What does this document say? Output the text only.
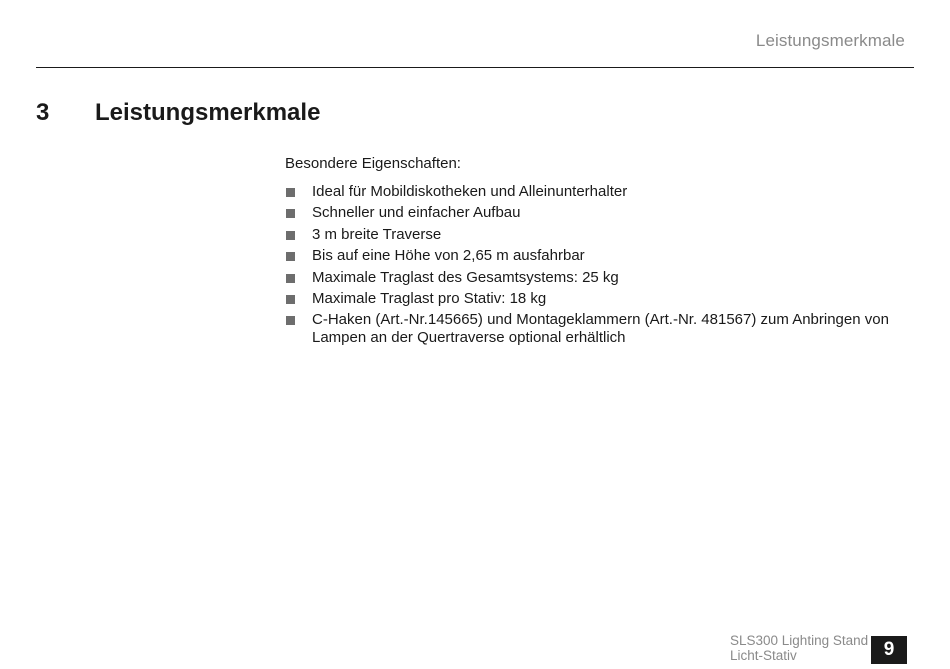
Leistungsmerkmale
3 Leistungsmerkmale

Besondere Eigenschaften:

Ideal für Mobildiskotheken und Alleinunterhalter
Schneller und einfacher Aufbau
3 m breite Traverse
Bis auf eine Höhe von 2,65 m ausfahrbar
Maximale Traglast des Gesamtsystems: 25 kg
Maximale Traglast pro Stativ: 18 kg
C-Haken (Art.-Nr.145665) und Montageklammern (Art.-Nr. 481567) zum Anbringen von Lampen an der Quertraverse optional erhältlich
SLS300 Lighting Stand
Licht-Stativ	9
